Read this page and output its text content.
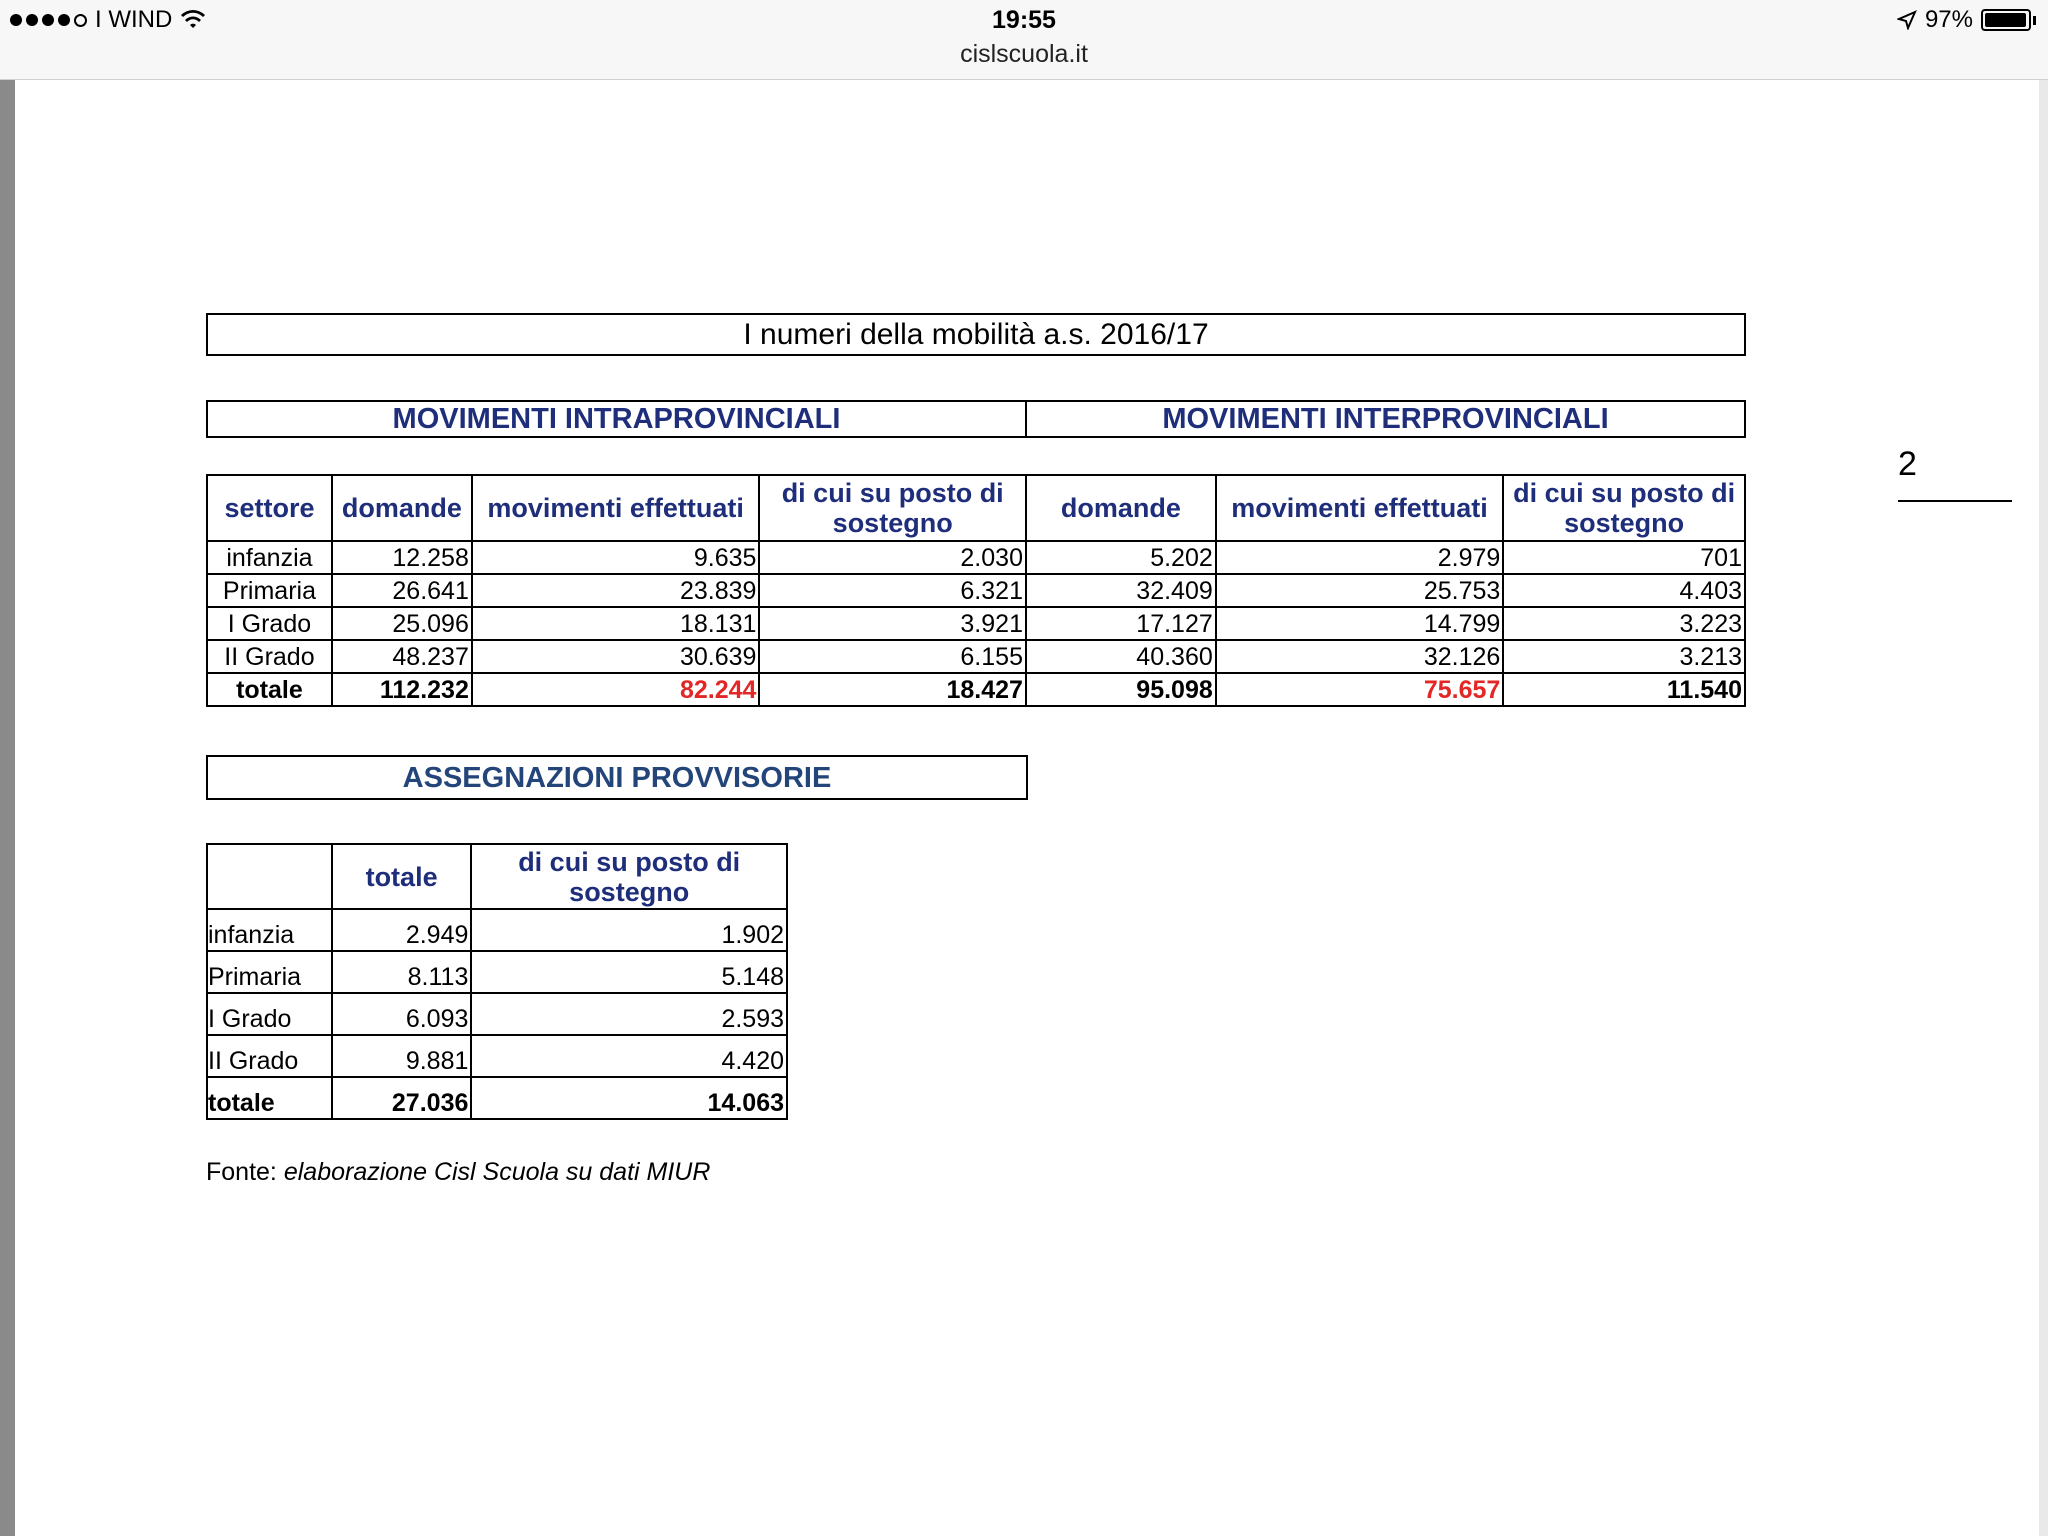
I WIND	19:55
cislscuola.it
97%
2
I numeri della mobilità a.s. 2016/17
MOVIMENTI INTRAPROVINCIALI	MOVIMENTI INTERPROVINCIALI
settore	domande	movimenti effettuati	di cui su posto di sostegno	domande	movimenti effettuati	di cui su posto di sostegno
infanzia	12.258	9.635	2.030	5.202	2.979	701
Primaria	26.641	23.839	6.321	32.409	25.753	4.403
I Grado	25.096	18.131	3.921	17.127	14.799	3.223
II Grado	48.237	30.639	6.155	40.360	32.126	3.213
totale	112.232	82.244	18.427	95.098	75.657	11.540
ASSEGNAZIONI PROVVISORIE
	totale	di cui su posto di sostegno
infanzia	2.949	1.902
Primaria	8.113	5.148
I Grado	6.093	2.593
II Grado	9.881	4.420
totale	27.036	14.063
Fonte: elaborazione Cisl Scuola su dati MIUR
